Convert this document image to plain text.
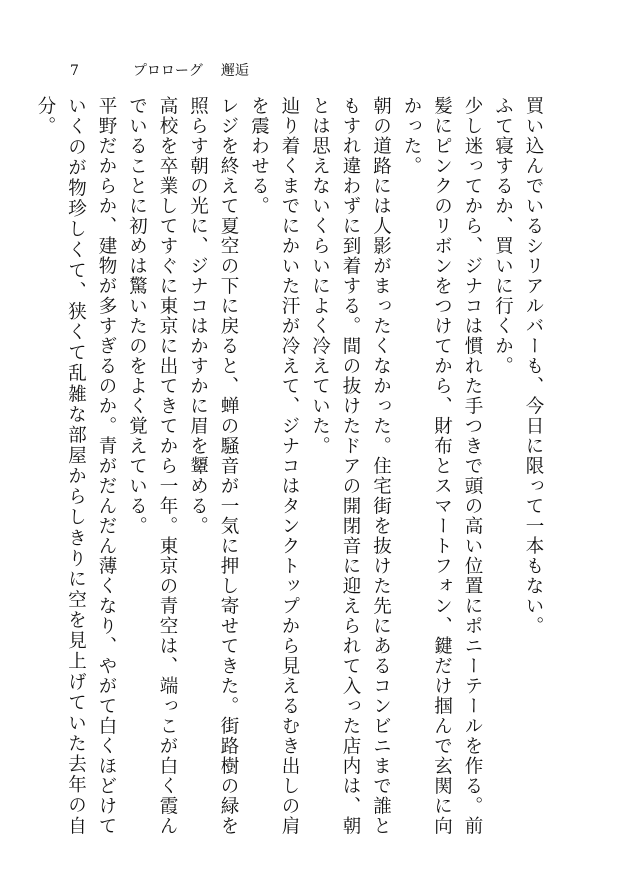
7	プロローグ 邂逅
買い込んでいるシリアルバーも、今日に限って一本もない。
ふて寝するか、買いに行くか。
少し迷ってから、ジナコは慣れた手つきで頭の高い位置にポニーテールを作る。前髪にピンクのリボンをつけてから、財布とスマートフォン、鍵だけ掴んで玄関に向かった。
朝の道路には人影がまったくなかった。住宅街を抜けた先にあるコンビニまで誰ともすれ違わずに到着する。間の抜けたドアの開閉音に迎えられて入った店内は、朝とは思えないくらいによく冷えていた。
辿り着くまでにかいた汗が冷えて、ジナコはタンクトップから見えるむき出しの肩を震わせる。
レジを終えて夏空の下に戻ると、蝉の騒音が一気に押し寄せてきた。街路樹の緑を照らす朝の光に、ジナコはかすかに眉を顰める。
高校を卒業してすぐに東京に出てきてから一年。東京の青空は、端っこが白く霞んでいることに初めは驚いたのをよく覚えている。
平野だからか、建物が多すぎるのか。青がだんだん薄くなり、やがて白くほどけていくのが物珍しくて、狭くて乱雑な部屋からしきりに空を見上げていた去年の自分。
